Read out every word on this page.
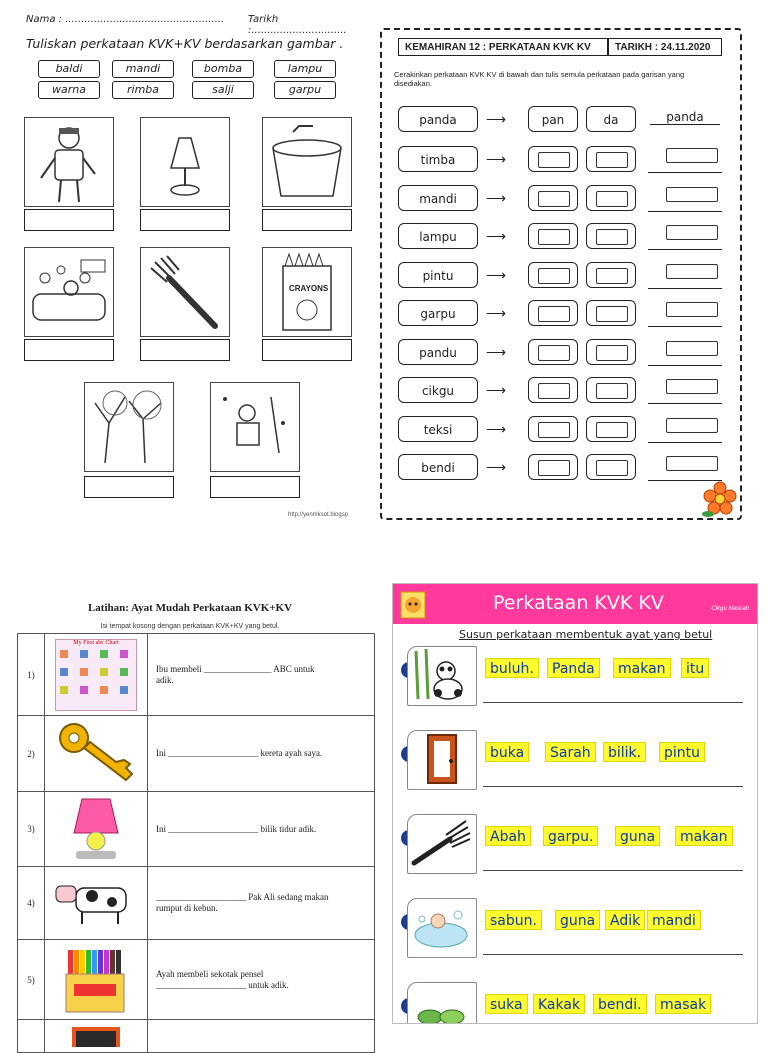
Nama : .................................................. Tarikh :..............................
Tuliskan perkataan KVK+KV berdasarkan gambar .
baldi	mandi	bomba	lampu
warna	rimba	salji	garpu
CRAYONS
http://yenmksot.blogsp
KEMAHIRAN 12 : PERKATAAN KVK KV	TARIKH : 24.11.2020
Cerakinkan perkataan KVK KV di bawah dan tulis semula perkataan pada garisan yang disediakan.
panda	⟶	pan	da	panda
timba	⟶
mandi	⟶
lampu	⟶
pintu	⟶
garpu	⟶
pandu	⟶
cikgu	⟶
teksi	⟶
bendi	⟶
Latihan: Ayat Mudah Perkataan KVK+KV
Isi tempat kosong dengan perkataan KVK+KV yang betul.
1)	My First abc Chart	Ibu membeli _______________ ABC untuk
adik.

2)		Ini ____________________ kereta ayah saya.

3)		Ini ____________________ bilik tidur adik.

4)		____________________ Pak Ali sedang makan
rumput di kebun.

5)		Ayah membeli sekotak pensel
____________________ untuk adik.

Perkataan KVK KV	Cikgu Nasirah
Susun perkataan membentuk ayat yang betul
buluh.	Panda	makan	itu
buka	Sarah	bilik.	pintu
Abah	garpu.	guna	makan
sabun.	guna	Adik mandi
suka	Kakak	bendi.	masak
